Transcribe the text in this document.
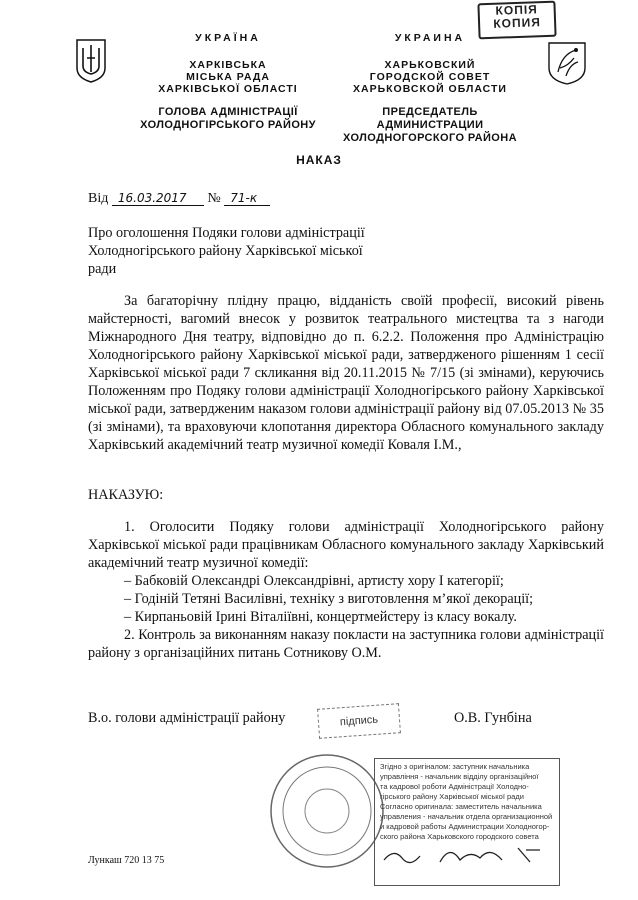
УКРАЇНА
ХАРКІВСЬКА
МІСЬКА РАДА
ХАРКІВСЬКОЇ ОБЛАСТІ
ГОЛОВА АДМІНІСТРАЦІЇ
ХОЛОДНОГІРСЬКОГО РАЙОНУ
УКРАИНА
ХАРЬКОВСКИЙ
ГОРОДСКОЙ СОВЕТ
ХАРЬКОВСКОЙ ОБЛАСТИ
ПРЕДСЕДАТЕЛЬ АДМИНИСТРАЦИИ
ХОЛОДНОГОРСКОГО РАЙОНА
КОПІЯ
КОПИЯ
НАКАЗ
Від 16.03.2017 № 71-к
Про оголошення Подяки голови адміністрації Холодногірського району Харківської міської ради
За багаторічну плідну працю, відданість своїй професії, високий рівень майстерності, вагомий внесок у розвиток театрального мистецтва та з нагоди Міжнародного Дня театру, відповідно до п. 6.2.2. Положення про Адміністрацію Холодногірського району Харківської міської ради, затвердженого рішенням 1 сесії Харківської міської ради 7 скликання від 20.11.2015 № 7/15 (зі змінами), керуючись Положенням про Подяку голови адміністрації Холодногірського району Харківської міської ради, затвердженим наказом голови адміністрації району від 07.05.2013 № 35 (зі змінами), та враховуючи клопотання директора Обласного комунального закладу Харківський академічний театр музичної комедії Коваля І.М.,
НАКАЗУЮ:
1. Оголосити Подяку голови адміністрації Холодногірського району Харківської міської ради працівникам Обласного комунального закладу Харківський академічний театр музичної комедії:
– Бабковій Олександрі Олександрівні, артисту хору І категорії;
– Годіній Тетяні Василівні, техніку з виготовлення м’якої декорації;
– Кирпаньовій Ірині Віталіївні, концертмейстеру із класу вокалу.
2. Контроль за виконанням наказу покласти на заступника голови адміністрації району з організаційних питань Сотникову О.М.
В.о. голови адміністрації району	підпись	О.В. Гунбіна
Згідно з оригіналом: заступник начальника
управління - начальник відділу організаційної
та кадрової роботи Адміністрації Холодно-
гірського району Харківської міської ради
Согласно оригинала: заместитель начальника
управления - начальник отдела организационной
и кадровой работы Администрации Холодногор-
ского района Харьковского городского совета
Лункаш 720 13 75
